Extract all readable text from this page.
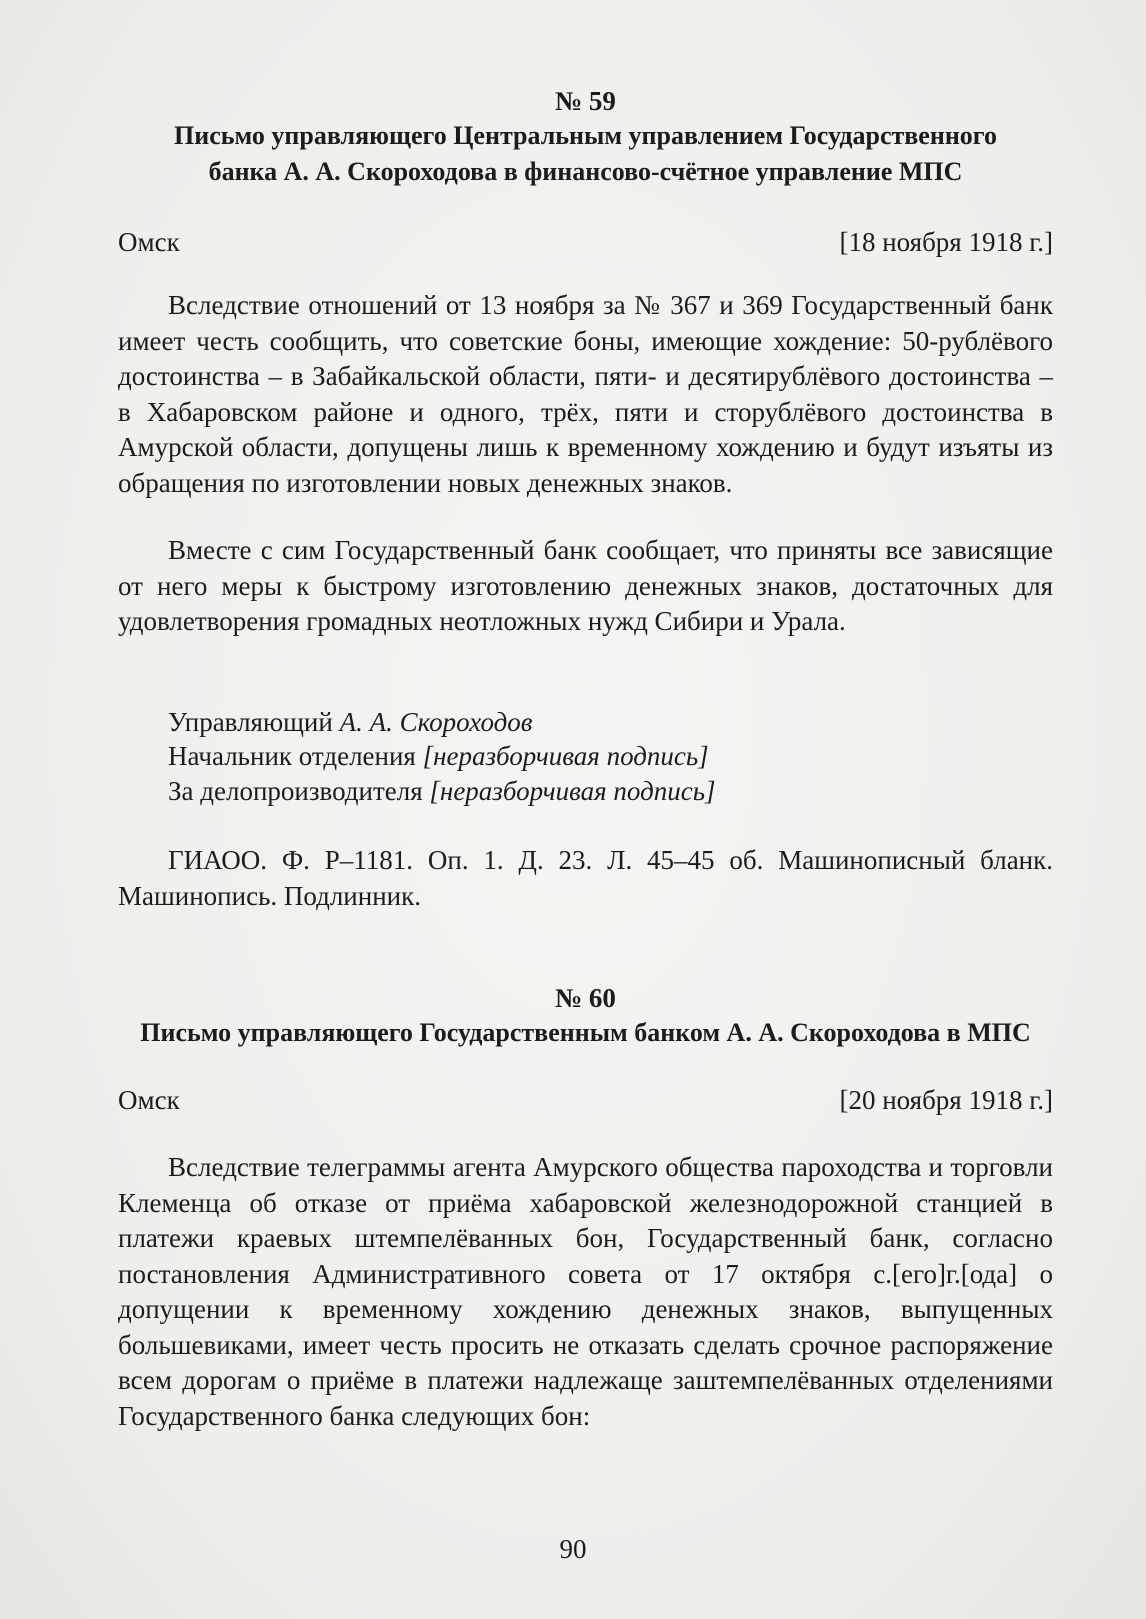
№ 59
Письмо управляющего Центральным управлением Государственного
банка А. А. Скороходова в финансово-счётное управление МПС
Омск	[18 ноября 1918 г.]

Вследствие отношений от 13 ноября за № 367 и 369 Государственный банк имеет честь сообщить, что советские боны, имеющие хождение: 50-рублёвого достоинства – в Забайкальской области, пяти- и десятирублёвого достоинства – в Хабаровском районе и одного, трёх, пяти и сторублёвого достоинства в Амурской области, допущены лишь к временному хождению и будут изъяты из обращения по изготовлении новых денежных знаков.

Вместе с сим Государственный банк сообщает, что приняты все зависящие от него меры к быстрому изготовлению денежных знаков, достаточных для удовлетворения громадных неотложных нужд Сибири и Урала.

Управляющий А. А. Скороходов
Начальник отделения [неразборчивая подпись]
За делопроизводителя [неразборчивая подпись]

ГИАОО. Ф. Р–1181. Оп. 1. Д. 23. Л. 45–45 об. Машинописный бланк. Машинопись. Подлинник.

№ 60
Письмо управляющего Государственным банком А. А. Скороходова в МПС
Омск	[20 ноября 1918 г.]

Вследствие телеграммы агента Амурского общества пароходства и торговли Клеменца об отказе от приёма хабаровской железнодорожной станцией в платежи краевых штемпелёванных бон, Государственный банк, согласно постановления Административного совета от 17 октября с.[его]г.[ода] о допущении к временному хождению денежных знаков, выпущенных большевиками, имеет честь просить не отказать сделать срочное распоряжение всем дорогам о приёме в платежи надлежаще заштемпелёванных отделениями Государственного банка следующих бон:

90
